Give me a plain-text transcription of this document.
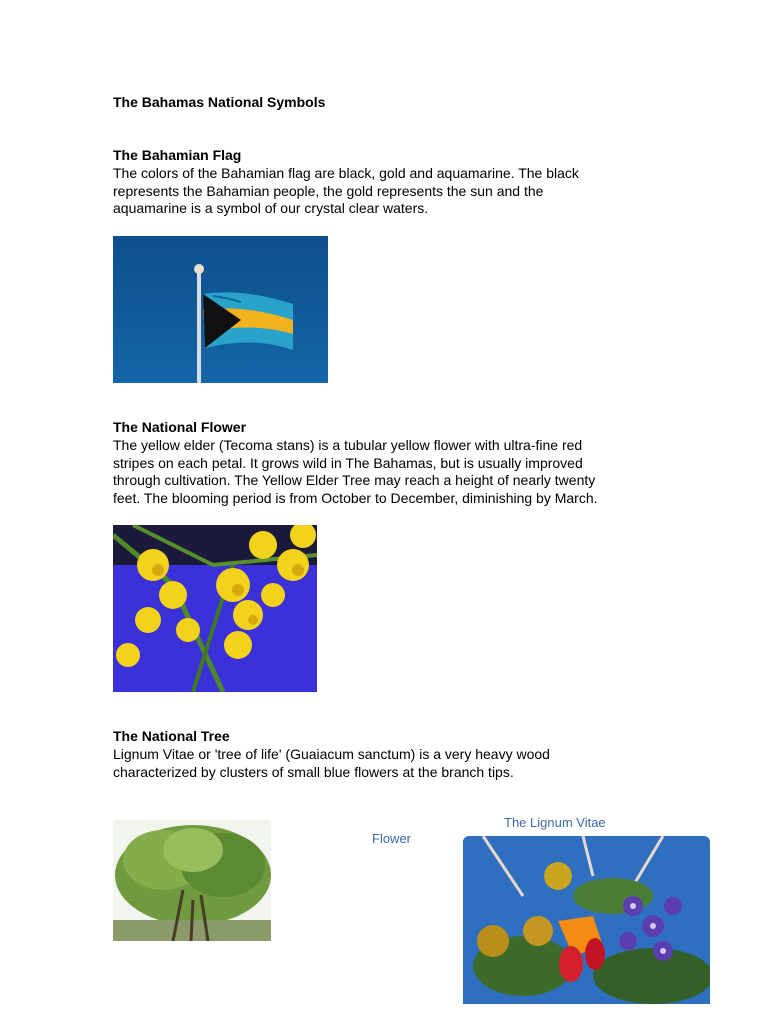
The Bahamas National Symbols
The Bahamian Flag
The colors of the Bahamian flag are black, gold and aquamarine. The black
represents the Bahamian people, the gold represents the sun and the
aquamarine is a symbol of our crystal clear waters.
The National Flower
The yellow elder (Tecoma stans) is a tubular yellow flower with ultra-fine red
stripes on each petal. It grows wild in The Bahamas, but is usually improved
through cultivation. The Yellow Elder Tree may reach a height of nearly twenty
feet. The blooming period is from October to December, diminishing by March.
The National Tree
Lignum Vitae or 'tree of life' (Guaiacum sanctum) is a very heavy wood
characterized by clusters of small blue flowers at the branch tips.
Flower
The Lignum Vitae
